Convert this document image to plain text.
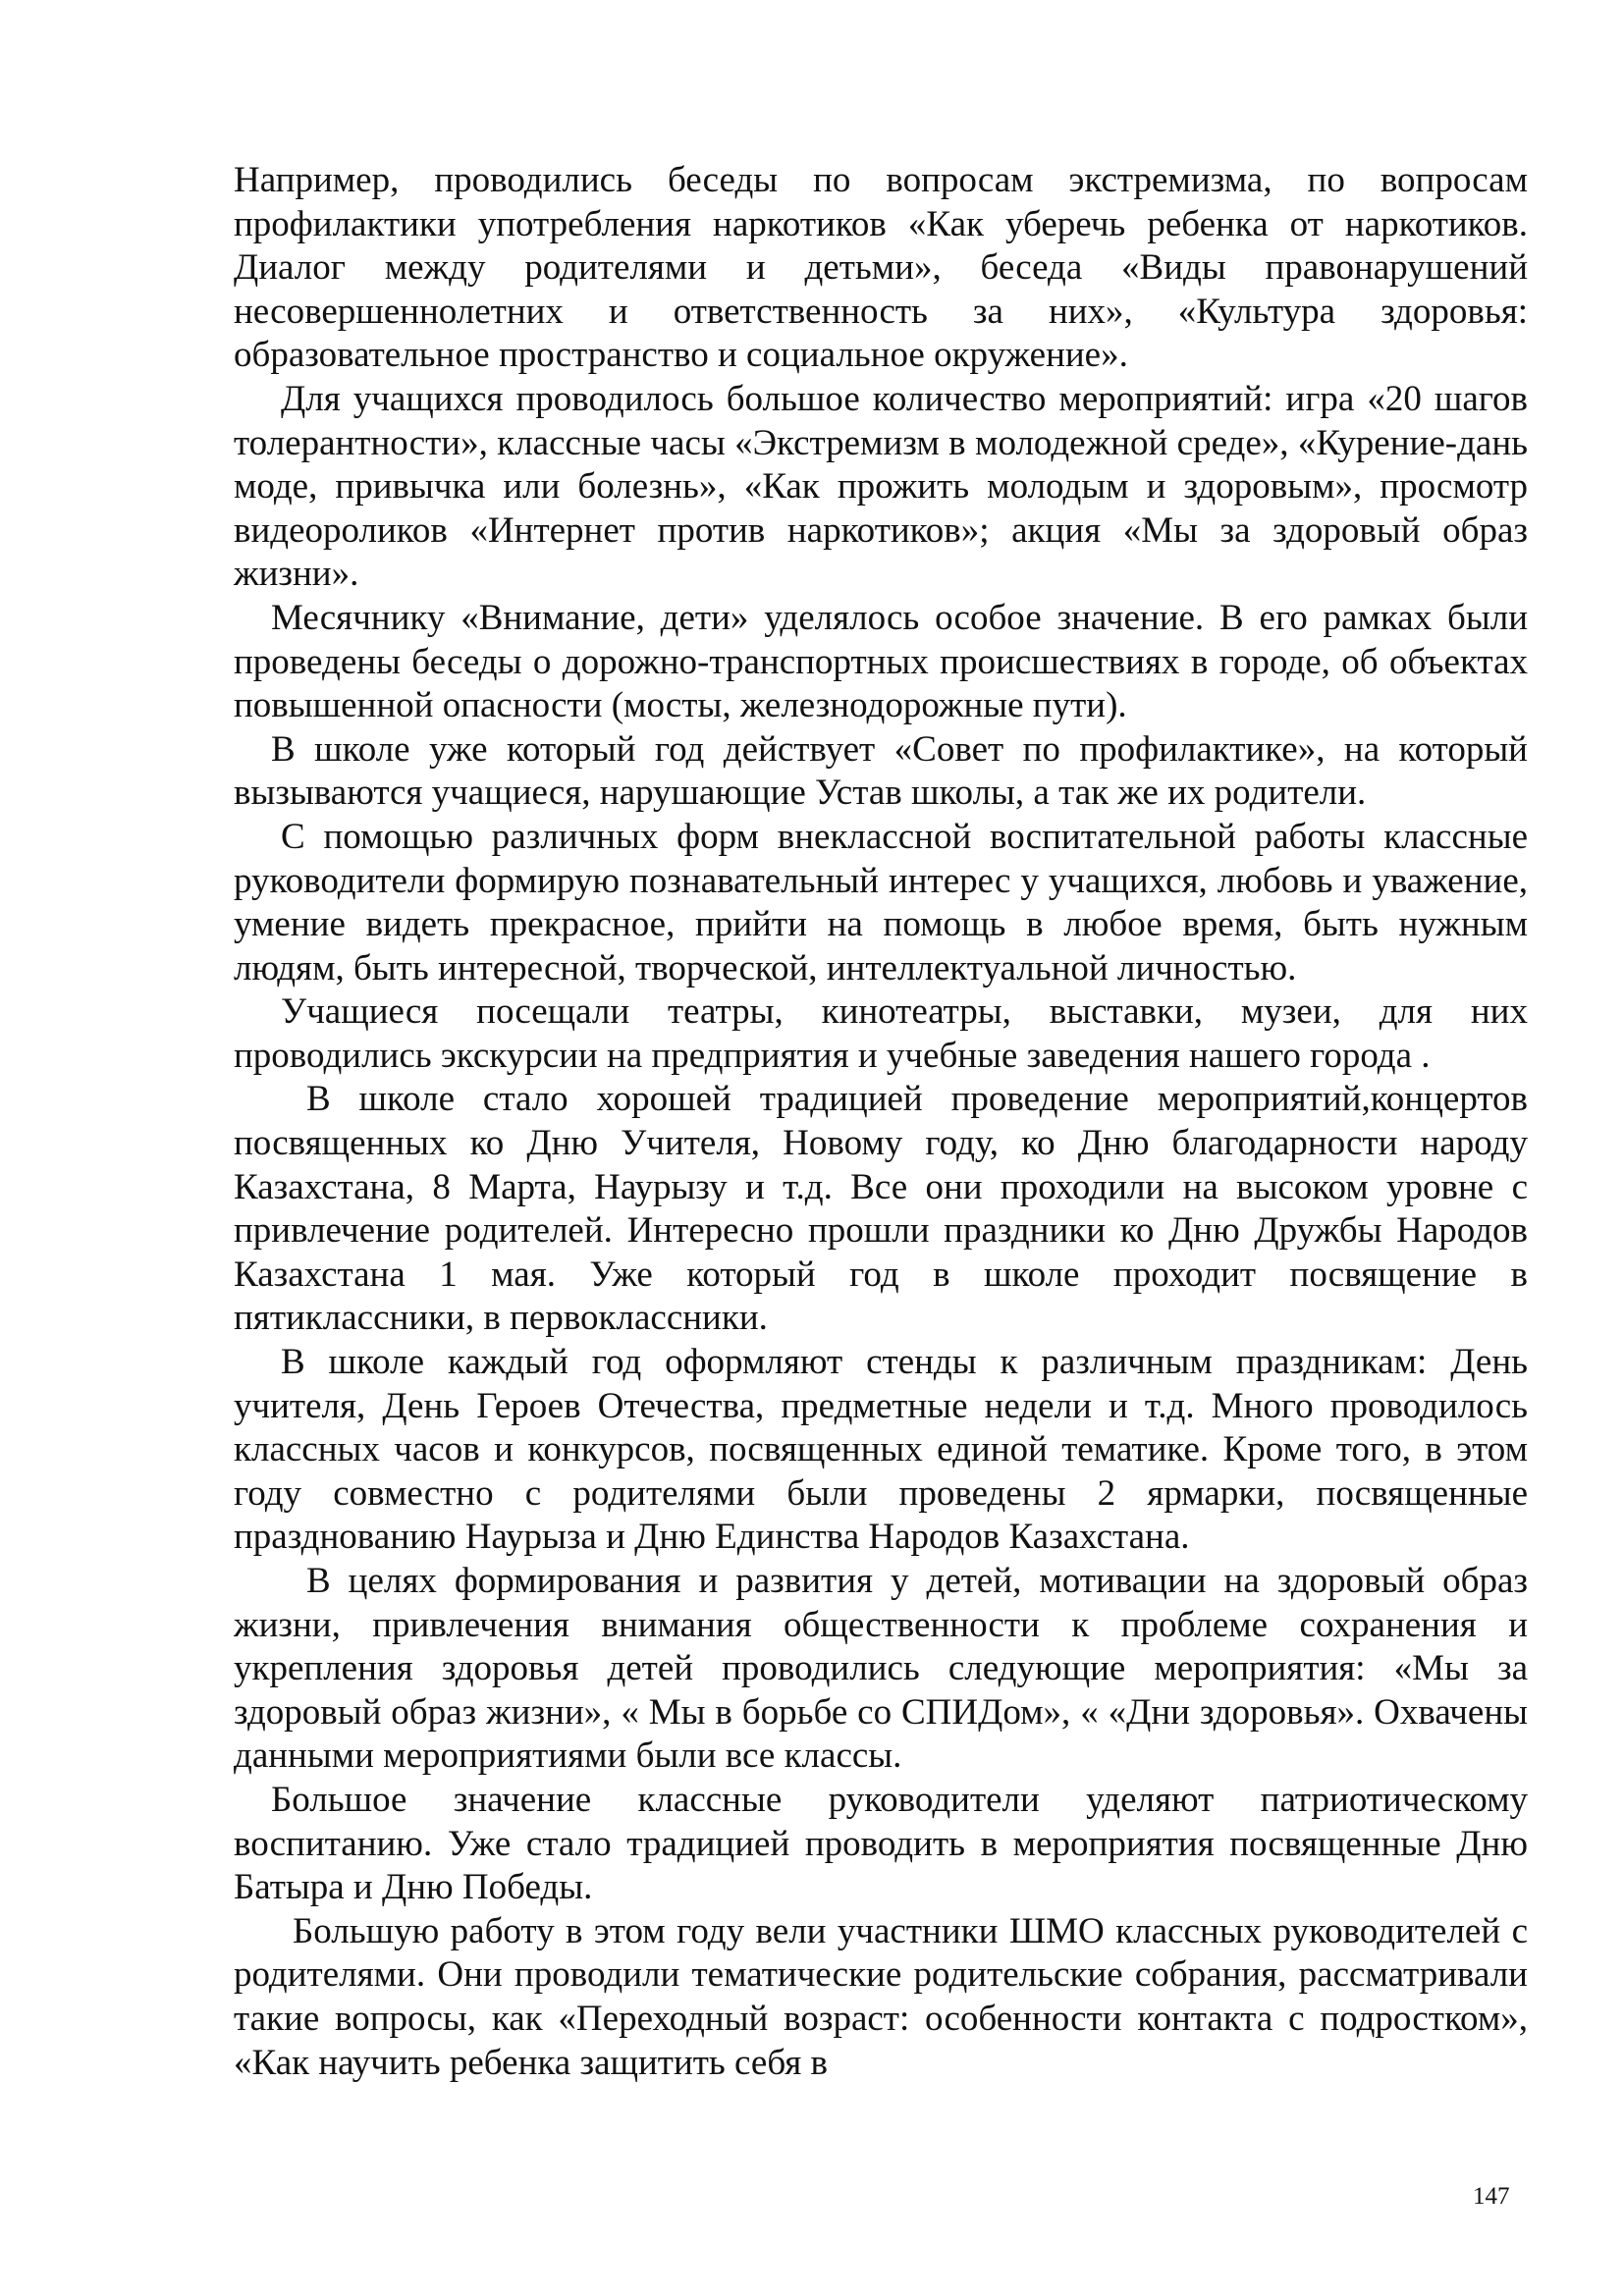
Например, проводились беседы по вопросам экстремизма, по вопросам профилактики употребления наркотиков «Как уберечь ребенка от наркотиков. Диалог между родителями и детьми», беседа «Виды правонарушений несовершеннолетних и ответственность за них», «Культура здоровья: образовательное пространство и социальное окружение».

Для учащихся проводилось большое количество мероприятий: игра «20 шагов толерантности», классные часы «Экстремизм в молодежной среде», «Курение-дань моде, привычка или болезнь», «Как прожить молодым и здоровым», просмотр видеороликов «Интернет против наркотиков»; акция «Мы за здоровый образ жизни».

Месячнику «Внимание, дети» уделялось особое значение. В его рамках были проведены беседы о дорожно-транспортных происшествиях в городе, об объектах повышенной опасности (мосты, железнодорожные пути).

В школе уже который год действует «Совет по профилактике», на который вызываются учащиеся, нарушающие Устав школы, а так же их родители.

С помощью различных форм внеклассной воспитательной работы классные руководители формирую познавательный интерес у учащихся, любовь и уважение, умение видеть прекрасное, прийти на помощь в любое время, быть нужным людям, быть интересной, творческой, интеллектуальной личностью.

Учащиеся посещали театры, кинотеатры, выставки, музеи, для них проводились экскурсии на предприятия и учебные заведения нашего города .

В школе стало хорошей традицией проведение мероприятий,концертов посвященных ко Дню Учителя, Новому году, ко Дню благодарности народу Казахстана, 8 Марта, Наурызу и т.д. Все они проходили на высоком уровне с привлечение родителей. Интересно прошли праздники ко Дню Дружбы Народов Казахстана 1 мая. Уже который год в школе проходит посвящение в пятиклассники, в первоклассники.

В школе каждый год оформляют стенды к различным праздникам: День учителя, День Героев Отечества, предметные недели и т.д. Много проводилось классных часов и конкурсов, посвященных единой тематике. Кроме того, в этом году совместно с родителями были проведены 2 ярмарки, посвященные празднованию Наурыза и Дню Единства Народов Казахстана.

В целях формирования и развития у детей, мотивации на здоровый образ жизни, привлечения внимания общественности к проблеме сохранения и укрепления здоровья детей проводились следующие мероприятия: «Мы за здоровый образ жизни», « Мы в борьбе со СПИДом», « «Дни здоровья». Охвачены данными мероприятиями были все классы.

Большое значение классные руководители уделяют патриотическому воспитанию. Уже стало традицией проводить в мероприятия посвященные Дню Батыра и Дню Победы.

Большую работу в этом году вели участники ШМО классных руководителей с родителями. Они проводили тематические родительские собрания, рассматривали такие вопросы, как «Переходный возраст: особенности контакта с подростком», «Как научить ребенка защитить себя в

147
